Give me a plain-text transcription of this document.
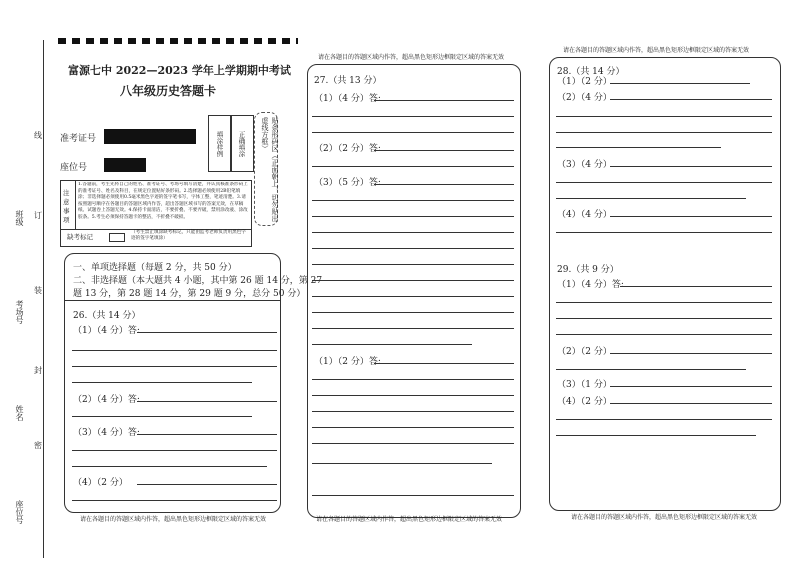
班级
姓名
考场号
座位号
线
订
装
封
密
富源七中 2022—2023 学年上学期期中考试
八年级历史答题卡
准考证号
座位号
填涂样例	正确填涂	贴条形码区（正面朝上，切勿贴出虚线方框）
注意事项
1.答题前，考生先将自己的姓名、准考证号、考场号填写清楚，并认真核准条形码上的准考证号、姓名及科目，在规定位置贴好条形码。2.选择题必须使用2B铅笔填涂；非选择题必须使用0.5毫米黑色字迹的签字笔书写，字体工整，笔迹清楚。3.请按照题号顺序在各题目的答题区域内作答，超出答题区域书写的答案无效，在草稿纸、试题卷上答题无效。4.保持卡面清洁，不要折叠、不要弄破，禁用涂改液、涂改胶条。5.考生必须保持答题卡的整洁，不折叠不破损。
缺考标记
（考生禁止填涂缺考标记，只能由监考老师负责用黑色字迹的签字笔填涂）
一、单项选择题（每题 2 分，共 50 分）
二、非选择题（本大题共 4 小题，其中第 26 题 14 分，第 27
题 13 分，第 28 题 14 分，第 29 题 9 分，总分 50 分）
26.（共 14 分）
（1）（4 分）答:
（2）（4 分）答:
（3）（4 分）答:
（4）（2 分）
请在各题目的答题区域内作答，超出黑色矩形边框限定区域的答案无效
请在各题目的答题区域内作答，超出黑色矩形边框限定区域的答案无效
27.（共 13 分）
（1）（4 分）答:
（2）（2 分）答:
（3）（5 分）答:
（1）（2 分）答:
请在各题目的答题区域内作答，超出黑色矩形边框限定区域的答案无效
请在各题目的答题区域内作答，超出黑色矩形边框限定区域的答案无效
28.（共 14 分）
（1）（2 分）
（2）（4 分）
（3）（4 分）
（4）（4 分）
29.（共 9 分）
（1）（4 分）答:
（2）（2 分）
（3）（1 分）
（4）（2 分）
请在各题目的答题区域内作答，超出黑色矩形边框限定区域的答案无效
